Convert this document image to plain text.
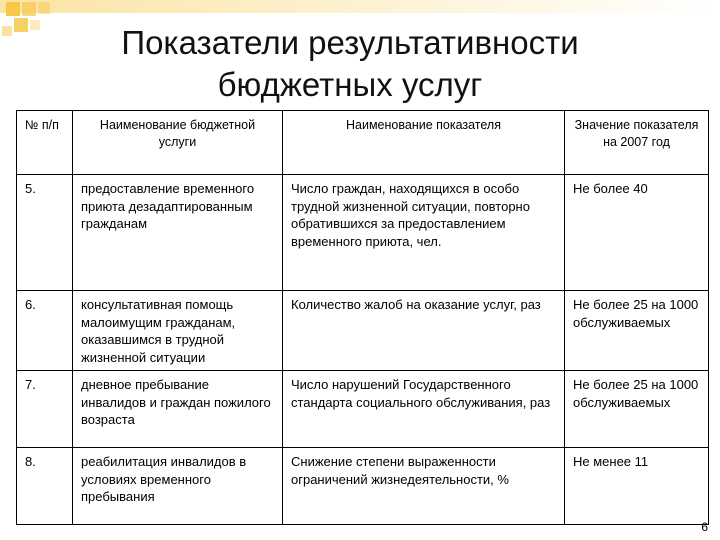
Показатели результативности
бюджетных услуг
№ п/п	Наименование бюджетной услуги	Наименование показателя	Значение показателя на 2007 год
5.	предоставление временного приюта дезадаптированным гражданам	Число граждан, находящихся в особо трудной жизненной ситуации, повторно обратившихся за предоставлением временного приюта, чел.	Не более 40
6.	консультативная помощь малоимущим гражданам, оказавшимся в трудной жизненной ситуации	Количество жалоб на оказание услуг, раз	Не более 25 на 1000 обслуживаемых
7.	дневное пребывание инвалидов и граждан пожилого возраста	Число нарушений Государственного стандарта социального обслуживания, раз	Не более 25 на 1000 обслуживаемых
8.	реабилитация инвалидов в условиях временного пребывания	Снижение степени выраженности ограничений жизнедеятельности, %	Не менее 11
6
